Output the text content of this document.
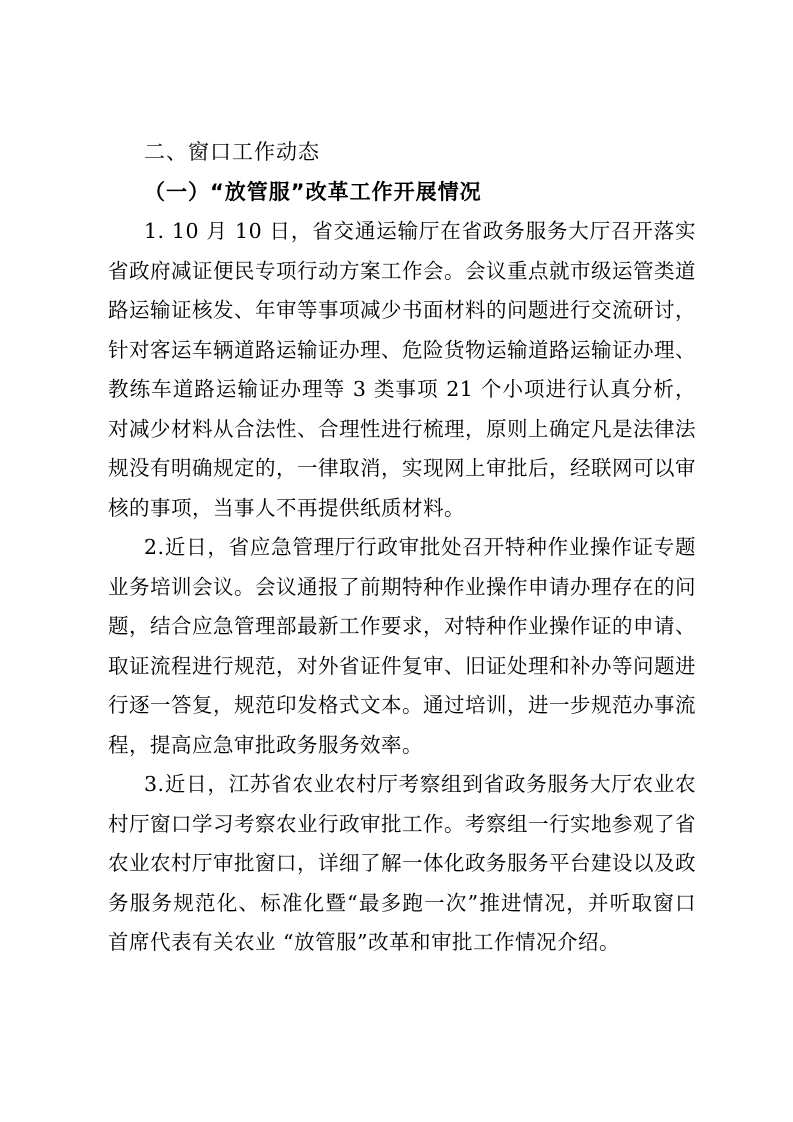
二、窗口工作动态
（一）“放管服”改革工作开展情况

1. 10 月 10 日，省交通运输厅在省政务服务大厅召开落实省政府减证便民专项行动方案工作会。会议重点就市级运管类道路运输证核发、年审等事项减少书面材料的问题进行交流研讨，针对客运车辆道路运输证办理、危险货物运输道路运输证办理、教练车道路运输证办理等 3 类事项 21 个小项进行认真分析，对减少材料从合法性、合理性进行梳理，原则上确定凡是法律法规没有明确规定的，一律取消，实现网上审批后，经联网可以审核的事项，当事人不再提供纸质材料。

2.近日，省应急管理厅行政审批处召开特种作业操作证专题业务培训会议。会议通报了前期特种作业操作申请办理存在的问题，结合应急管理部最新工作要求，对特种作业操作证的申请、取证流程进行规范，对外省证件复审、旧证处理和补办等问题进行逐一答复，规范印发格式文本。通过培训，进一步规范办事流程，提高应急审批政务服务效率。

3.近日，江苏省农业农村厅考察组到省政务服务大厅农业农村厅窗口学习考察农业行政审批工作。考察组一行实地参观了省农业农村厅审批窗口，详细了解一体化政务服务平台建设以及政务服务规范化、标准化暨“最多跑一次”推进情况，并听取窗口首席代表有关农业 “放管服”改革和审批工作情况介绍。
